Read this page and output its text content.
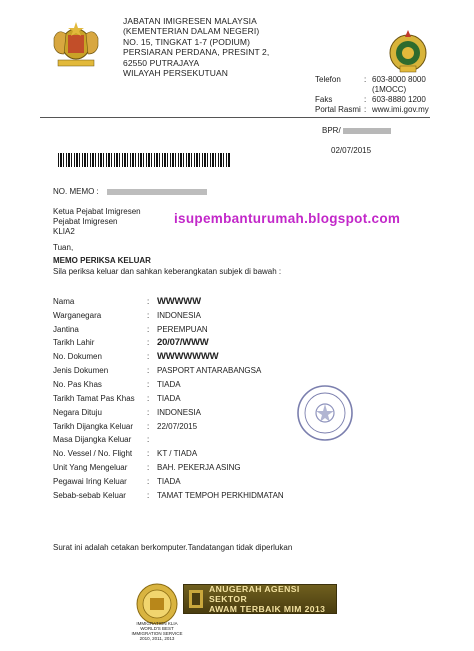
JABATAN IMIGRESEN MALAYSIA
(KEMENTERIAN DALAM NEGERI)
NO. 15, TINGKAT 1-7 (PODIUM)
PERSIARAN PERDANA, PRESINT 2,
62550 PUTRAJAYA
WILAYAH PERSEKUTUAN
Telefon	: 603-8000 8000
(1MOCC)
Faks	: 603-8880 1200
Portal Rasmi : www.imi.gov.my
BPR/
02/07/2015
NO. MEMO :
Ketua Pejabat Imigresen
Pejabat Imigresen
KLIA2
isupembanturumah.blogspot.com
Tuan,
MEMO PERIKSA KELUAR
Sila periksa keluar dan sahkan keberangkatan subjek di bawah :
Nama	: WWWWW
Warganegara	: INDONESIA
Jantina	: PEREMPUAN
Tarikh Lahir	: 20/07/WWW
No. Dokumen	: WWWWWWW
Jenis Dokumen	: PASPORT ANTARABANGSA
No. Pas Khas	: TIADA
Tarikh Tamat Pas Khas	: TIADA
Negara Dituju	: INDONESIA
Tarikh Dijangka Keluar	: 22/07/2015
Masa Dijangka Keluar	:
No. Vessel / No. Flight	: KT / TIADA
Unit Yang Mengeluar	: BAH. PEKERJA ASING
Pegawai Iring Keluar	: TIADA
Sebab-sebab Keluar	: TAMAT TEMPOH PERKHIDMATAN
Surat ini adalah cetakan berkomputer.Tandatangan tidak diperlukan
IMMIGRATION KLIA
WORLD'S BEST
IMMIGRATION SERVICE
2010, 2011, 2013
ANUGERAH AGENSI SEKTOR
AWAM TERBAIK MIM 2013
